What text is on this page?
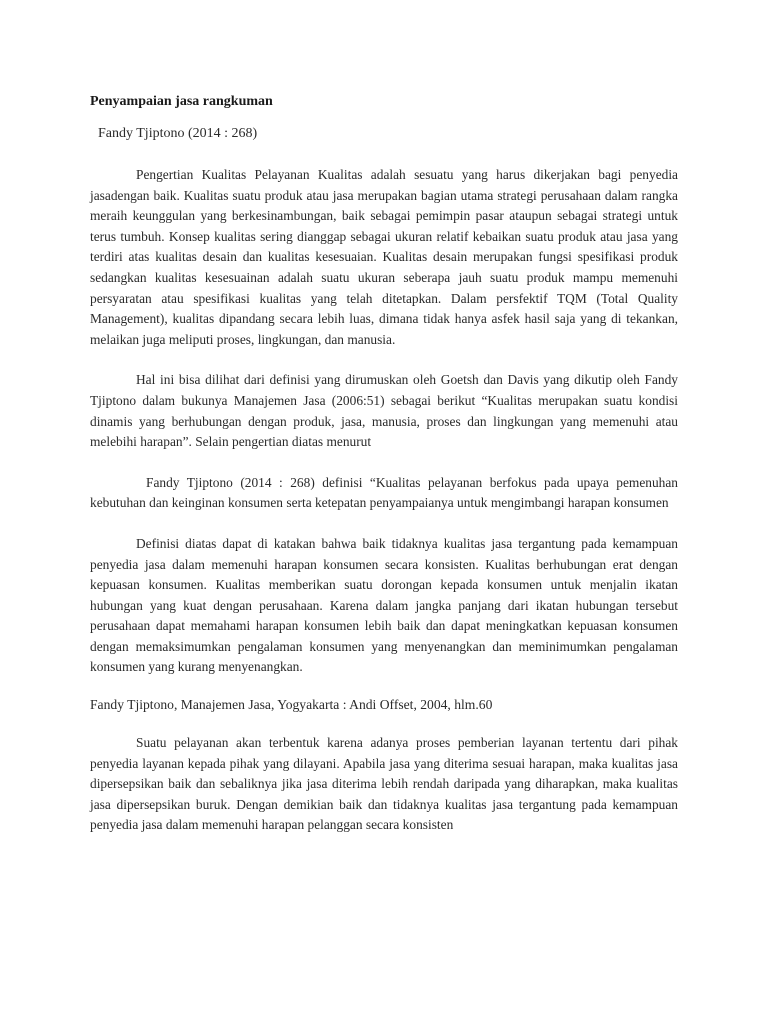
Penyampaian jasa rangkuman
Fandy Tjiptono (2014 : 268)

Pengertian Kualitas Pelayanan Kualitas adalah sesuatu yang harus dikerjakan bagi penyedia jasadengan baik. Kualitas suatu produk atau jasa merupakan bagian utama strategi perusahaan dalam rangka meraih keunggulan yang berkesinambungan, baik sebagai pemimpin pasar ataupun sebagai strategi untuk terus tumbuh. Konsep kualitas sering dianggap sebagai ukuran relatif kebaikan suatu produk atau jasa yang terdiri atas kualitas desain dan kualitas kesesuaian. Kualitas desain merupakan fungsi spesifikasi produk sedangkan kualitas kesesuainan adalah suatu ukuran seberapa jauh suatu produk mampu memenuhi persyaratan atau spesifikasi kualitas yang telah ditetapkan. Dalam persfektif TQM (Total Quality Management), kualitas dipandang secara lebih luas, dimana tidak hanya asfek hasil saja yang di tekankan, melaikan juga meliputi proses, lingkungan, dan manusia.

Hal ini bisa dilihat dari definisi yang dirumuskan oleh Goetsh dan Davis yang dikutip oleh Fandy Tjiptono dalam bukunya Manajemen Jasa (2006:51) sebagai berikut “Kualitas merupakan suatu kondisi dinamis yang berhubungan dengan produk, jasa, manusia, proses dan lingkungan yang memenuhi atau melebihi harapan”. Selain pengertian diatas menurut

Fandy Tjiptono (2014 : 268) definisi “Kualitas pelayanan berfokus pada upaya pemenuhan kebutuhan dan keinginan konsumen serta ketepatan penyampaianya untuk mengimbangi harapan konsumen

Definisi diatas dapat di katakan bahwa baik tidaknya kualitas jasa tergantung pada kemampuan penyedia jasa dalam memenuhi harapan konsumen secara konsisten. Kualitas berhubungan erat dengan kepuasan konsumen. Kualitas memberikan suatu dorongan kepada konsumen untuk menjalin ikatan hubungan yang kuat dengan perusahaan. Karena dalam jangka panjang dari ikatan hubungan tersebut perusahaan dapat memahami harapan konsumen lebih baik dan dapat meningkatkan kepuasan konsumen dengan memaksimumkan pengalaman konsumen yang menyenangkan dan meminimumkan pengalaman konsumen yang kurang menyenangkan.

Fandy Tjiptono, Manajemen Jasa, Yogyakarta : Andi Offset, 2004, hlm.60

Suatu pelayanan akan terbentuk karena adanya proses pemberian layanan tertentu dari pihak penyedia layanan kepada pihak yang dilayani. Apabila jasa yang diterima sesuai harapan, maka kualitas jasa dipersepsikan baik dan sebaliknya jika jasa diterima lebih rendah daripada yang diharapkan, maka kualitas jasa dipersepsikan buruk. Dengan demikian baik dan tidaknya kualitas jasa tergantung pada kemampuan penyedia jasa dalam memenuhi harapan pelanggan secara konsisten
